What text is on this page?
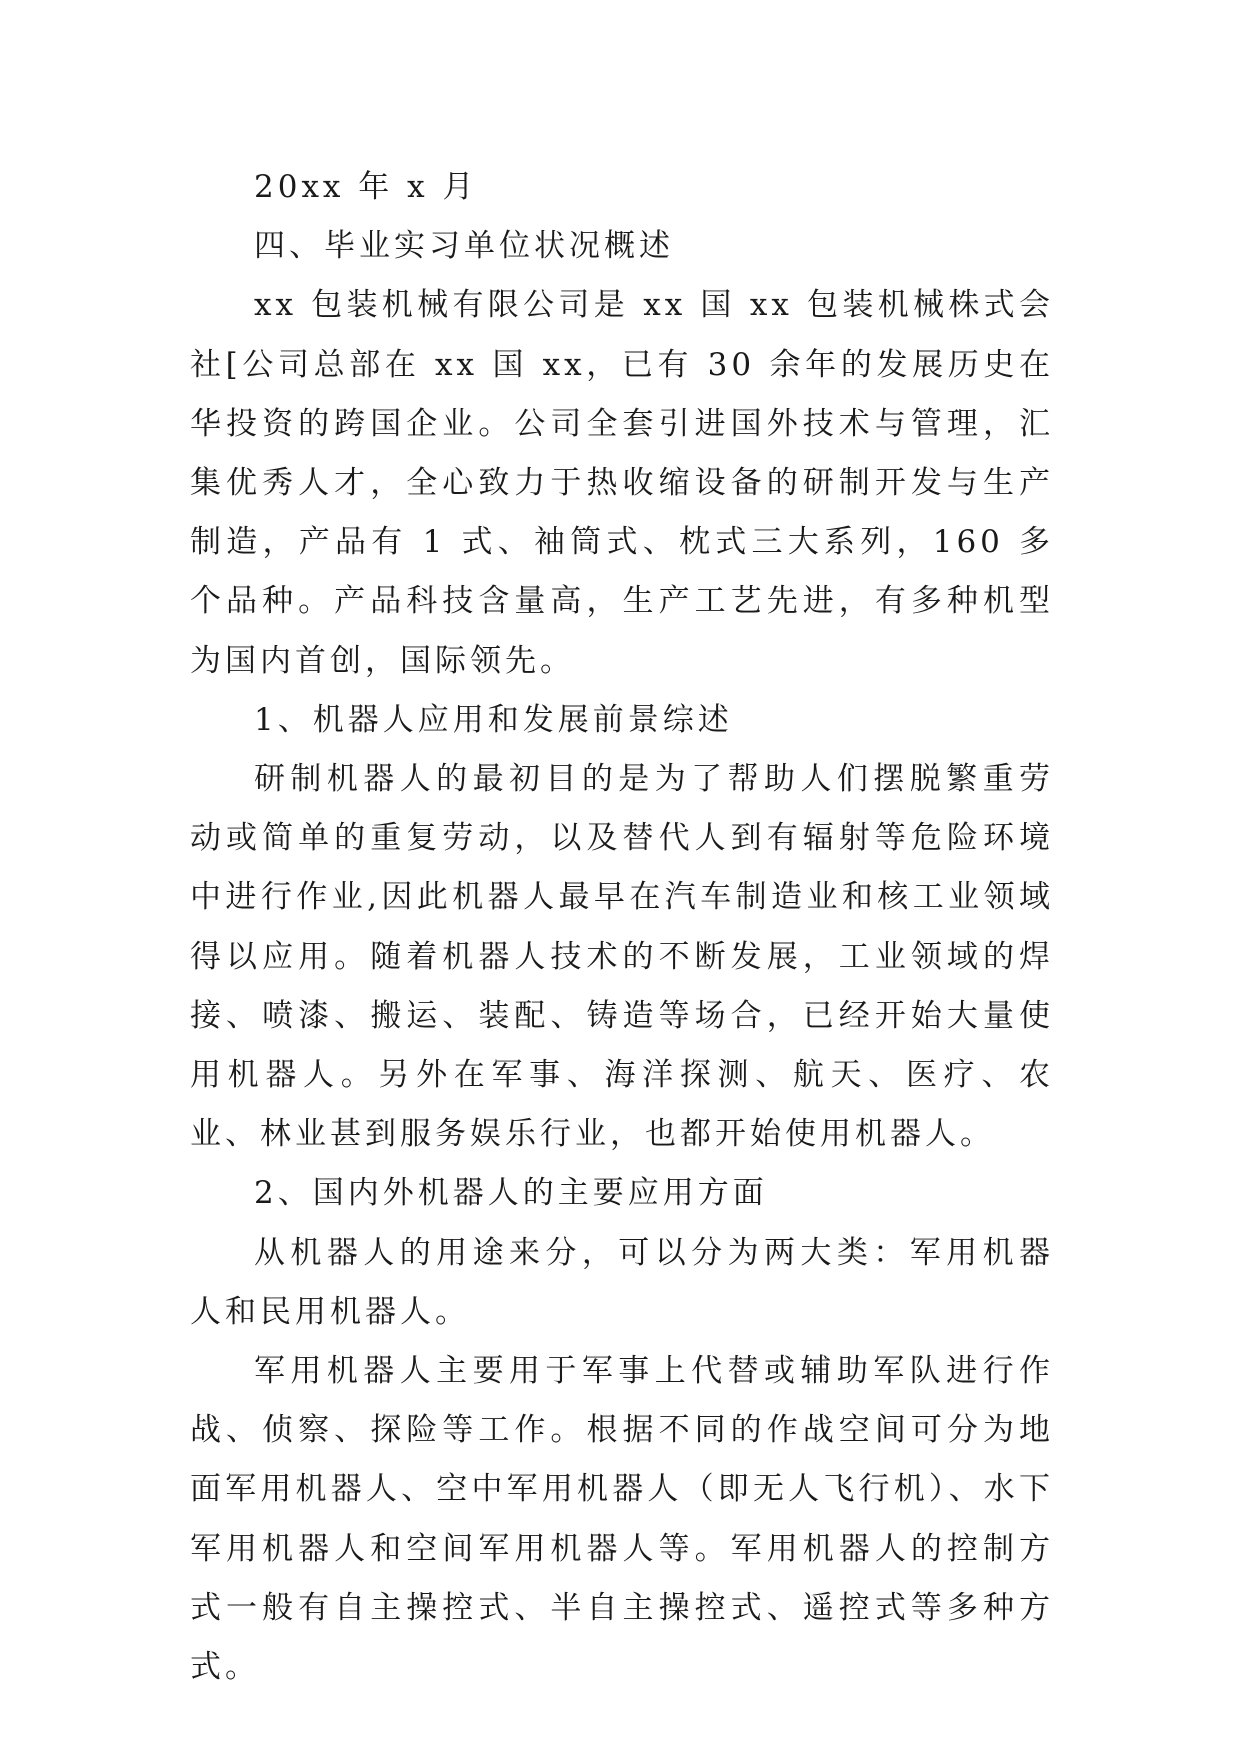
20xx 年 x 月

四、毕业实习单位状况概述

xx 包装机械有限公司是 xx 国 xx 包装机械株式会社[公司总部在 xx 国 xx，已有 30 余年的发展历史在华投资的跨国企业。公司全套引进国外技术与管理，汇集优秀人才，全心致力于热收缩设备的研制开发与生产制造，产品有 1 式、袖筒式、枕式三大系列，160 多个品种。产品科技含量高，生产工艺先进，有多种机型为国内首创，国际领先。

1、机器人应用和发展前景综述

研制机器人的最初目的是为了帮助人们摆脱繁重劳动或简单的重复劳动，以及替代人到有辐射等危险环境中进行作业,因此机器人最早在汽车制造业和核工业领域得以应用。随着机器人技术的不断发展，工业领域的焊接、喷漆、搬运、装配、铸造等场合，已经开始大量使用机器人。另外在军事、海洋探测、航天、医疗、农业、林业甚到服务娱乐行业，也都开始使用机器人。

2、国内外机器人的主要应用方面

从机器人的用途来分，可以分为两大类：军用机器人和民用机器人。

军用机器人主要用于军事上代替或辅助军队进行作战、侦察、探险等工作。根据不同的作战空间可分为地面军用机器人、空中军用机器人（即无人飞行机）、水下军用机器人和空间军用机器人等。军用机器人的控制方式一般有自主操控式、半自主操控式、遥控式等多种方式。
